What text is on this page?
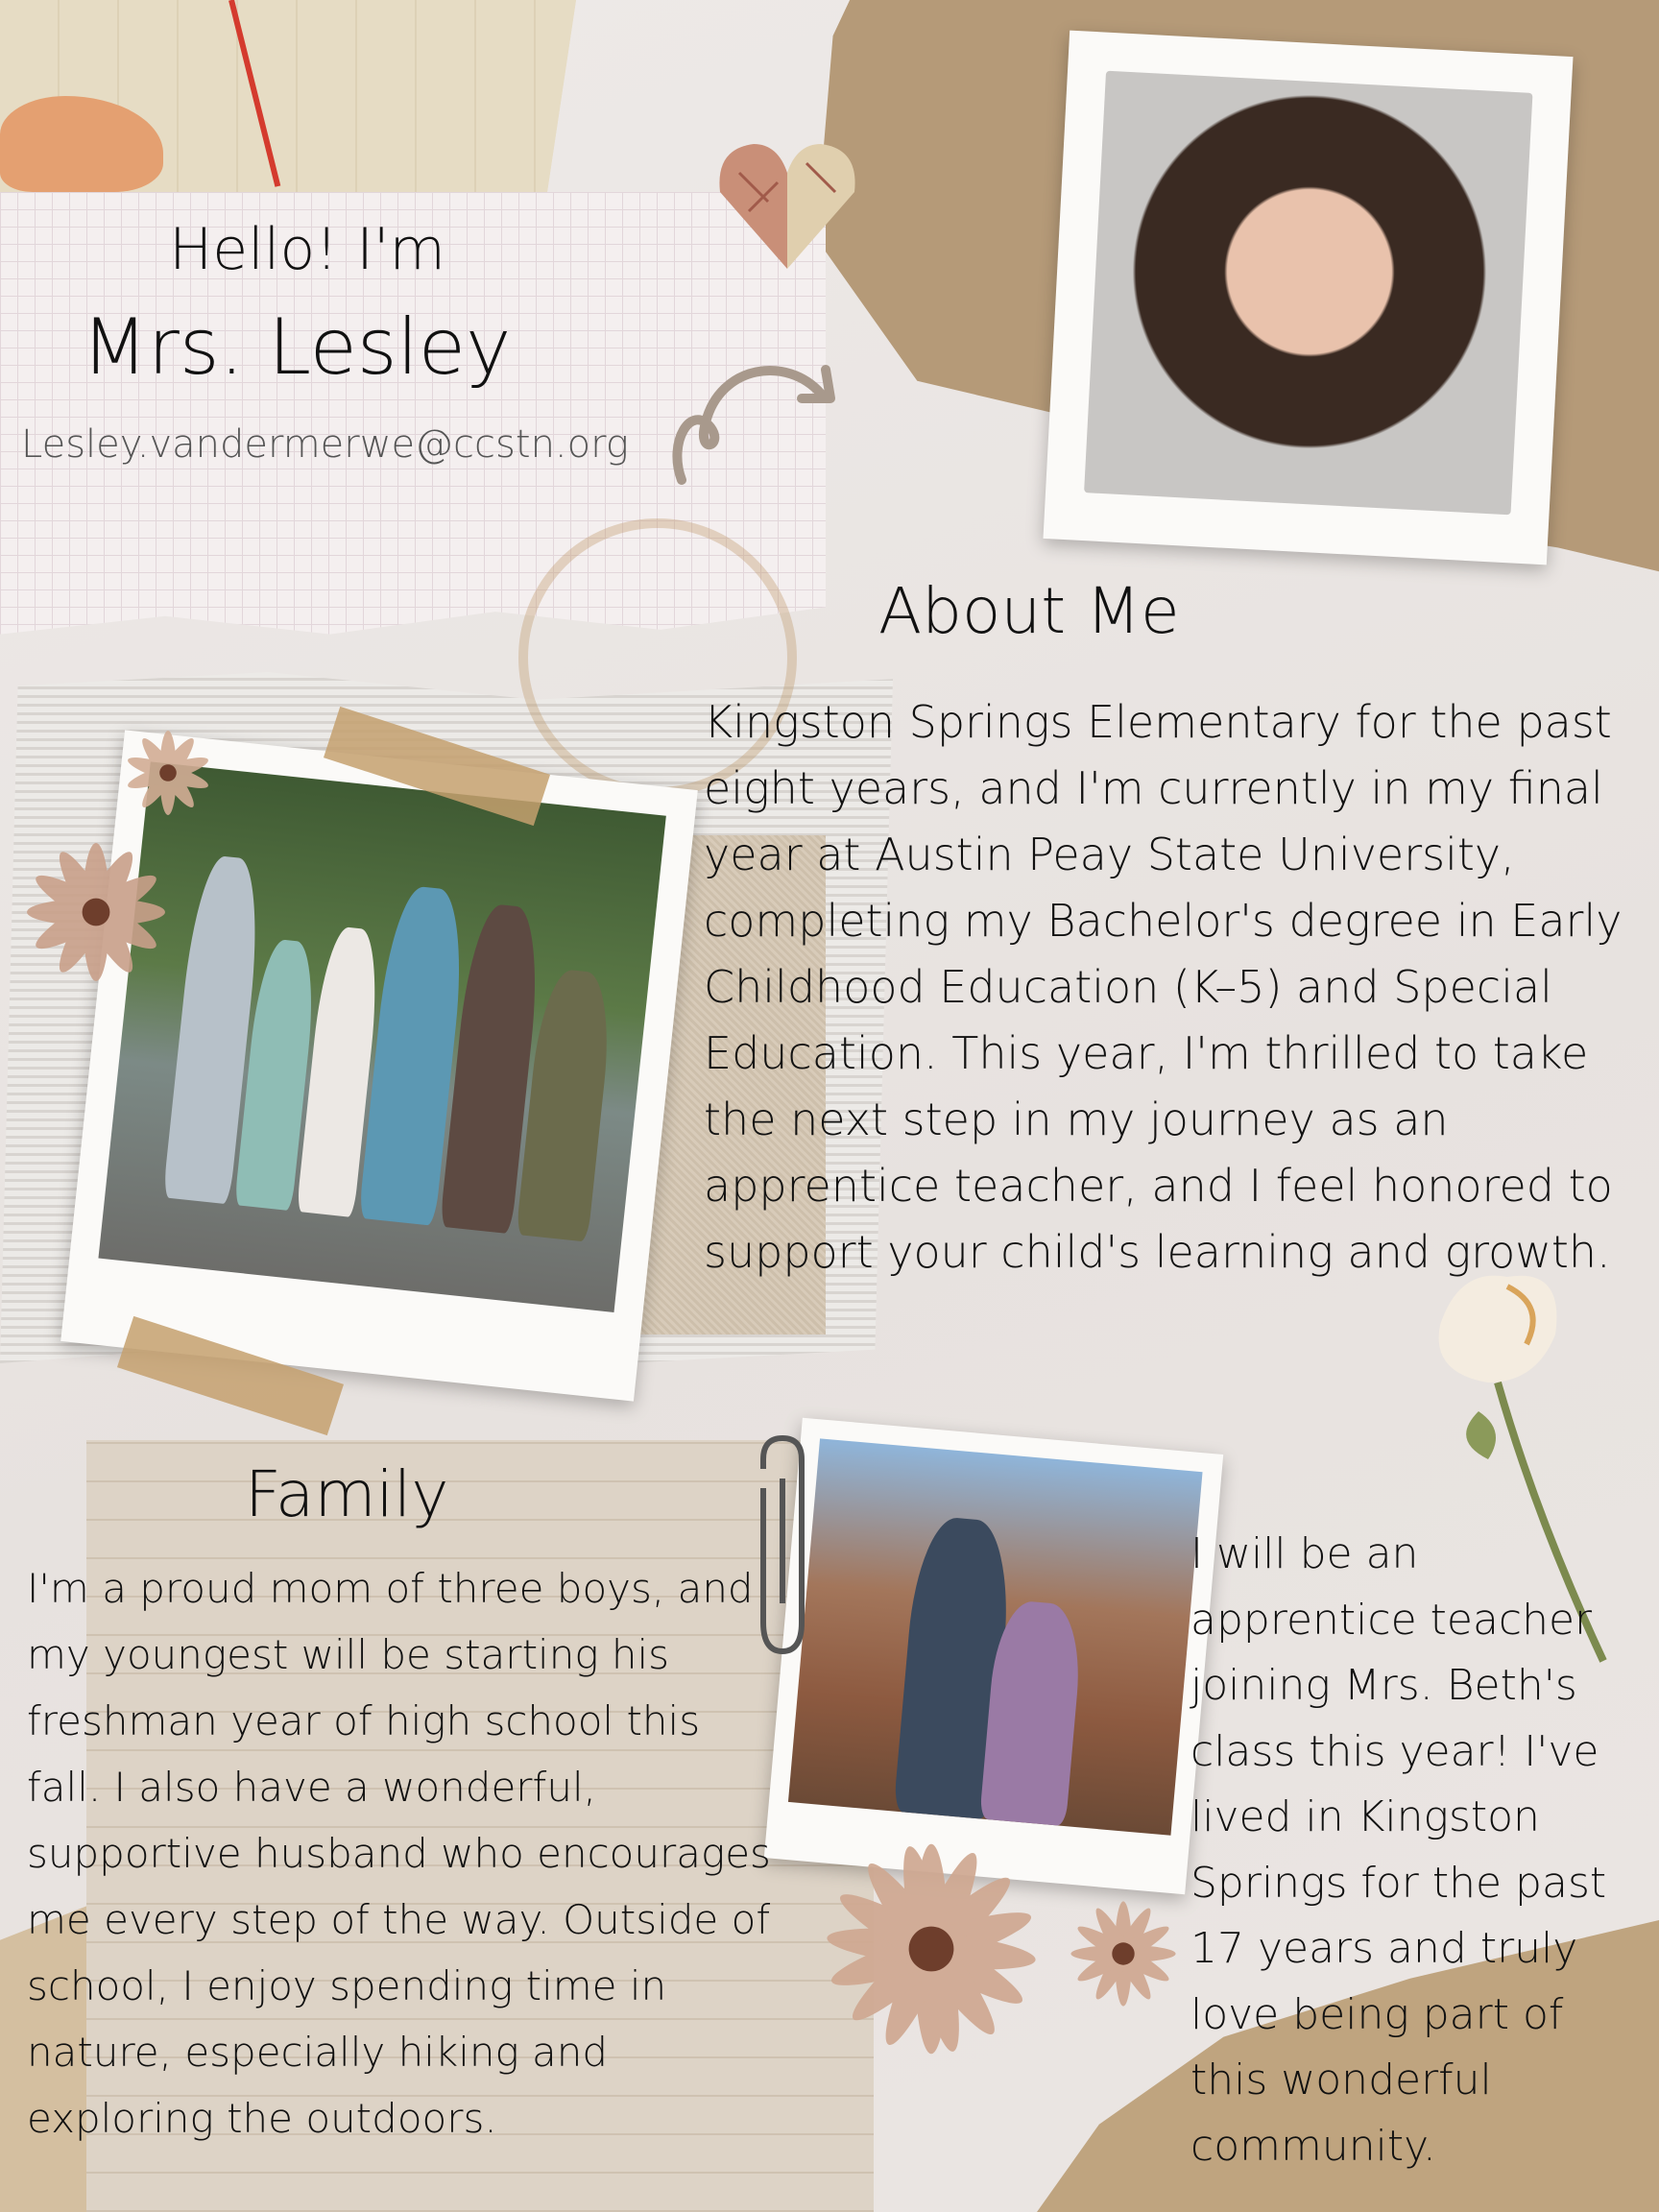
Hello! I'm
Mrs. Lesley
Lesley.vandermerwe@ccstn.org
About Me
Kingston Springs Elementary for the past eight years, and I'm currently in my final year at Austin Peay State University, completing my Bachelor's degree in Early Childhood Education (K–5) and Special Education. This year, I'm thrilled to take the next step in my journey as an apprentice teacher, and I feel honored to support your child's learning and growth.
Family
I'm a proud mom of three boys, and my youngest will be starting his freshman year of high school this fall. I also have a wonderful, supportive husband who encourages me every step of the way. Outside of school, I enjoy spending time in nature, especially hiking and exploring the outdoors.
I will be an apprentice teacher joining Mrs. Beth's class this year! I've lived in Kingston Springs for the past 17 years and truly love being part of this wonderful community.
